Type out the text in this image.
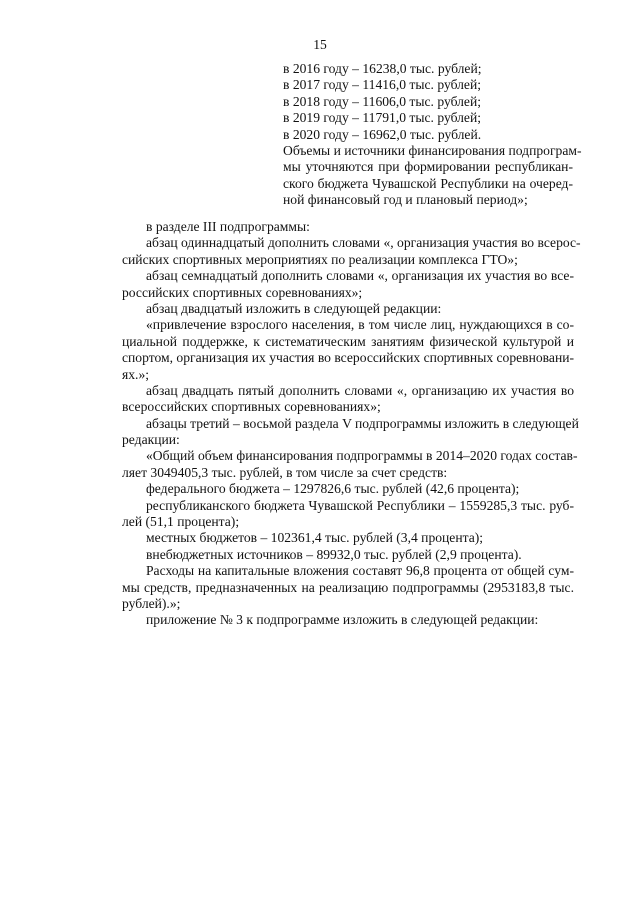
15
в 2016 году – 16238,0 тыс. рублей;
в 2017 году – 11416,0 тыс. рублей;
в 2018 году – 11606,0 тыс. рублей;
в 2019 году – 11791,0 тыс. рублей;
в 2020 году – 16962,0 тыс. рублей.
Объемы и источники финансирования подпрограм-
мы уточняются при формировании республикан-
ского бюджета Чувашской Республики на очеред-
ной финансовый год и плановый период»;
в разделе III подпрограммы:
абзац одиннадцатый дополнить словами «, организация участия во всерос-
сийских спортивных мероприятиях по реализации комплекса ГТО»;
абзац семнадцатый дополнить словами «, организация их участия во все-
российских спортивных соревнованиях»;
абзац двадцатый изложить в следующей редакции:
«привлечение взрослого населения, в том числе лиц, нуждающихся в со-
циальной поддержке, к систематическим занятиям физической культурой и
спортом, организация их участия во всероссийских спортивных соревновани-
ях.»;
абзац двадцать пятый дополнить словами «, организацию их участия во
всероссийских спортивных соревнованиях»;
абзацы третий – восьмой раздела V подпрограммы изложить в следующей
редакции:
«Общий объем финансирования подпрограммы в 2014–2020 годах состав-
ляет 3049405,3 тыс. рублей, в том числе за счет средств:
федерального бюджета – 1297826,6 тыс. рублей (42,6 процента);
республиканского бюджета Чувашской Республики – 1559285,3 тыс. руб-
лей (51,1 процента);
местных бюджетов – 102361,4 тыс. рублей (3,4 процента);
внебюджетных источников – 89932,0 тыс. рублей (2,9 процента).
Расходы на капитальные вложения составят 96,8 процента от общей сум-
мы средств, предназначенных на реализацию подпрограммы (2953183,8 тыс.
рублей).»;
приложение № 3 к подпрограмме изложить в следующей редакции:
